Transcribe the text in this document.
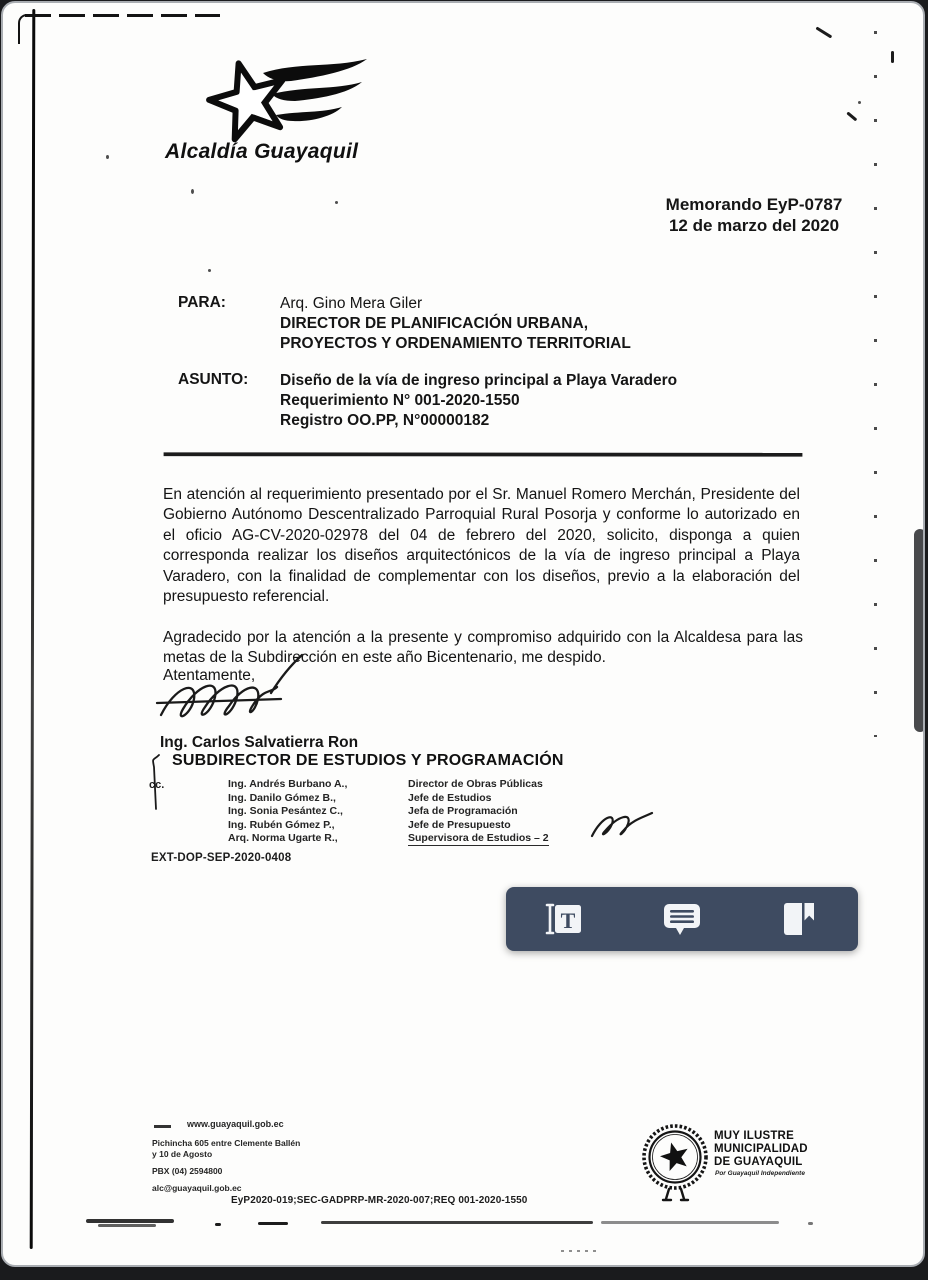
Alcaldía Guayaquil
Memorando EyP-0787
12 de marzo del 2020
PARA:	Arq. Gino Mera Giler
DIRECTOR DE PLANIFICACIÓN URBANA,
PROYECTOS Y ORDENAMIENTO TERRITORIAL
ASUNTO: Diseño de la vía de ingreso principal a Playa Varadero
Requerimiento N° 001-2020-1550
Registro OO.PP, N°00000182

En atención al requerimiento presentado por el Sr. Manuel Romero Merchán, Presidente del Gobierno Autónomo Descentralizado Parroquial Rural Posorja y conforme lo autorizado en el oficio AG-CV-2020-02978 del 04 de febrero del 2020, solicito, disponga a quien corresponda realizar los diseños arquitectónicos de la vía de ingreso principal a Playa Varadero, con la finalidad de complementar con los diseños, previo a la elaboración del presupuesto referencial.

Agradecido por la atención a la presente y compromiso adquirido con la Alcaldesa para las metas de la Subdirección en este año Bicentenario, me despido.

Atentamente,
Ing. Carlos Salvatierra Ron
SUBDIRECTOR DE ESTUDIOS Y PROGRAMACIÓN
cc.	Ing. Andrés Burbano A.,
Ing. Danilo Gómez B.,
Ing. Sonia Pesántez C.,
Ing. Rubén Gómez P.,
Arq. Norma Ugarte R.,
Director de Obras Públicas
Jefe de Estudios
Jefa de Programación
Jefe de Presupuesto
Supervisora de Estudios – 2
EXT-DOP-SEP-2020-0408
www.guayaquil.gob.ec
Pichincha 605 entre Clemente Ballén
y 10 de Agosto
PBX (04) 2594800
alc@guayaquil.gob.ec
EyP2020-019;SEC-GADPRP-MR-2020-007;REQ 001-2020-1550
MUY ILUSTRE
MUNICIPALIDAD
DE GUAYAQUIL
Por Guayaquil Independiente
T
